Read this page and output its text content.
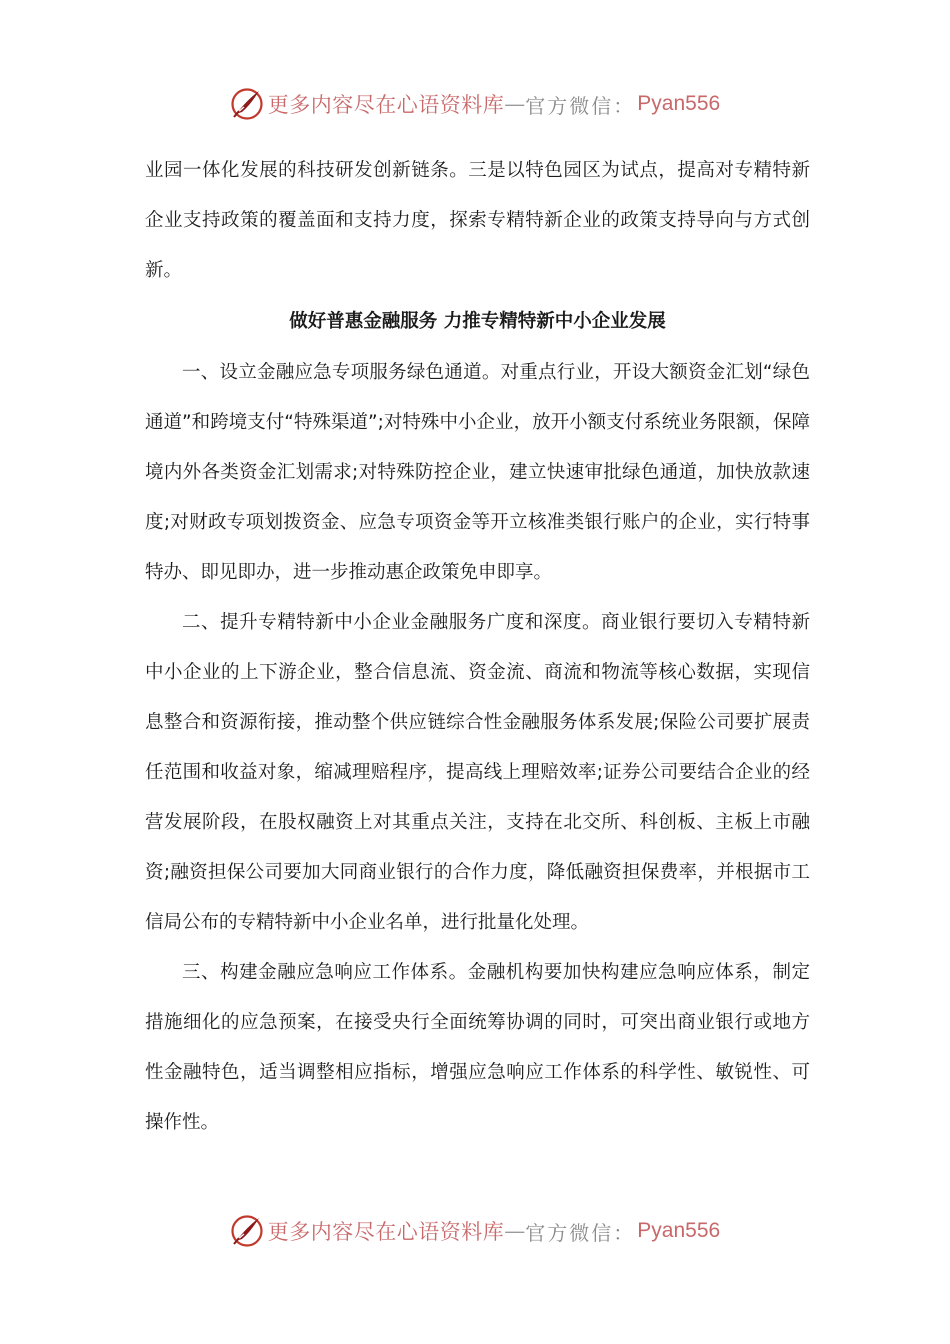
更多内容尽在心语资料库 — 官方微信： Pyan556

业园一体化发展的科技研发创新链条。三是以特色园区为试点，提高对专精特新企业支持政策的覆盖面和支持力度，探索专精特新企业的政策支持导向与方式创新。

做好普惠金融服务 力推专精特新中小企业发展

一、设立金融应急专项服务绿色通道。对重点行业，开设大额资金汇划“绿色通道”和跨境支付“特殊渠道”;对特殊中小企业，放开小额支付系统业务限额，保障境内外各类资金汇划需求;对特殊防控企业，建立快速审批绿色通道，加快放款速度;对财政专项划拨资金、应急专项资金等开立核准类银行账户的企业，实行特事特办、即见即办，进一步推动惠企政策免申即享。

二、提升专精特新中小企业金融服务广度和深度。商业银行要切入专精特新中小企业的上下游企业，整合信息流、资金流、商流和物流等核心数据，实现信息整合和资源衔接，推动整个供应链综合性金融服务体系发展;保险公司要扩展责任范围和收益对象，缩减理赔程序，提高线上理赔效率;证券公司要结合企业的经营发展阶段，在股权融资上对其重点关注，支持在北交所、科创板、主板上市融资;融资担保公司要加大同商业银行的合作力度，降低融资担保费率，并根据市工信局公布的专精特新中小企业名单，进行批量化处理。

三、构建金融应急响应工作体系。金融机构要加快构建应急响应体系，制定措施细化的应急预案，在接受央行全面统筹协调的同时，可突出商业银行或地方性金融特色，适当调整相应指标，增强应急响应工作体系的科学性、敏锐性、可操作性。

更多内容尽在心语资料库 — 官方微信： Pyan556
